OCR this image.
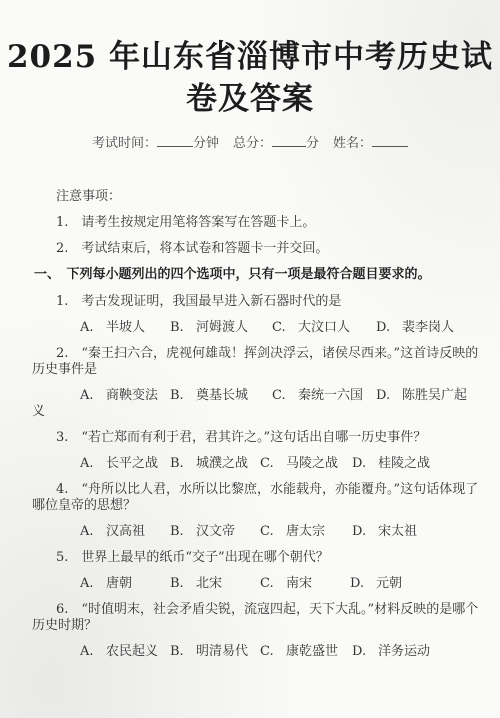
2025 年山东省淄博市中考历史试
卷及答案
考试时间：	分钟 总分：	分 姓名：
注意事项：
1.　请考生按规定用笔将答案写在答题卡上。
2.　考试结束后，将本试卷和答题卡一并交回。
一、　下列每小题列出的四个选项中，只有一项是最符合题目要求的。
1.　考古发现证明，我国最早进入新石器时代的是
A. 半坡人 B. 河姆渡人 C. 大汶口人 D. 裴李岗人
2.　“秦王扫六合，虎视何雄哉！挥剑决浮云，诸侯尽西来。”这首诗反映的
历史事件是
A. 商鞅变法 B. 奠基长城 C. 秦统一六国 D. 陈胜吴广起
义
3.　“若亡郑而有利于君，君其许之。”这句话出自哪一历史事件？
A. 长平之战 B. 城濮之战 C. 马陵之战 D. 桂陵之战
4.　“舟所以比人君，水所以比黎庶，水能载舟，亦能覆舟。”这句话体现了
哪位皇帝的思想？
A. 汉高祖 B. 汉文帝 C. 唐太宗 D. 宋太祖
5.　世界上最早的纸币“交子”出现在哪个朝代？
A. 唐朝	B. 北宋	C. 南宋	D. 元朝
6.　“时值明末，社会矛盾尖锐，流寇四起，天下大乱。”材料反映的是哪个
历史时期？
A. 农民起义 B. 明清易代 C. 康乾盛世 D. 洋务运动
